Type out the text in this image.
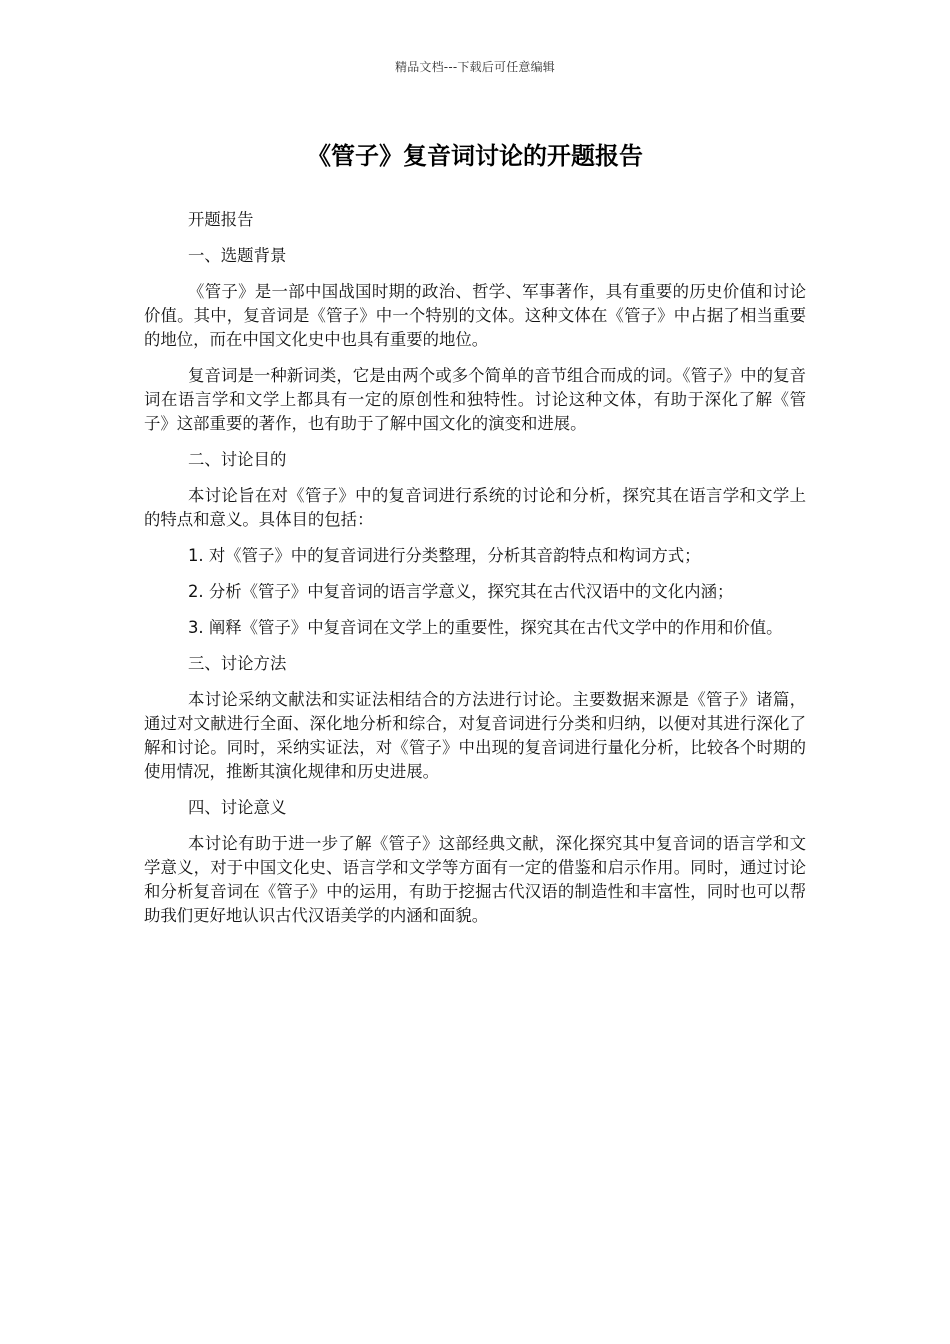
精品文档---下载后可任意编辑
《管子》复音词讨论的开题报告

开题报告

一、选题背景

《管子》是一部中国战国时期的政治、哲学、军事著作，具有重要的历史价值和讨论价值。其中，复音词是《管子》中一个特别的文体。这种文体在《管子》中占据了相当重要的地位，而在中国文化史中也具有重要的地位。

复音词是一种新词类，它是由两个或多个简单的音节组合而成的词。《管子》中的复音词在语言学和文学上都具有一定的原创性和独特性。讨论这种文体，有助于深化了解《管子》这部重要的著作，也有助于了解中国文化的演变和进展。

二、讨论目的

本讨论旨在对《管子》中的复音词进行系统的讨论和分析，探究其在语言学和文学上的特点和意义。具体目的包括：

1. 对《管子》中的复音词进行分类整理，分析其音韵特点和构词方式；

2. 分析《管子》中复音词的语言学意义，探究其在古代汉语中的文化内涵；

3. 阐释《管子》中复音词在文学上的重要性，探究其在古代文学中的作用和价值。

三、讨论方法

本讨论采纳文献法和实证法相结合的方法进行讨论。主要数据来源是《管子》诸篇，通过对文献进行全面、深化地分析和综合，对复音词进行分类和归纳，以便对其进行深化了解和讨论。同时，采纳实证法，对《管子》中出现的复音词进行量化分析，比较各个时期的使用情况，推断其演化规律和历史进展。

四、讨论意义

本讨论有助于进一步了解《管子》这部经典文献，深化探究其中复音词的语言学和文学意义，对于中国文化史、语言学和文学等方面有一定的借鉴和启示作用。同时，通过讨论和分析复音词在《管子》中的运用，有助于挖掘古代汉语的制造性和丰富性，同时也可以帮助我们更好地认识古代汉语美学的内涵和面貌。
